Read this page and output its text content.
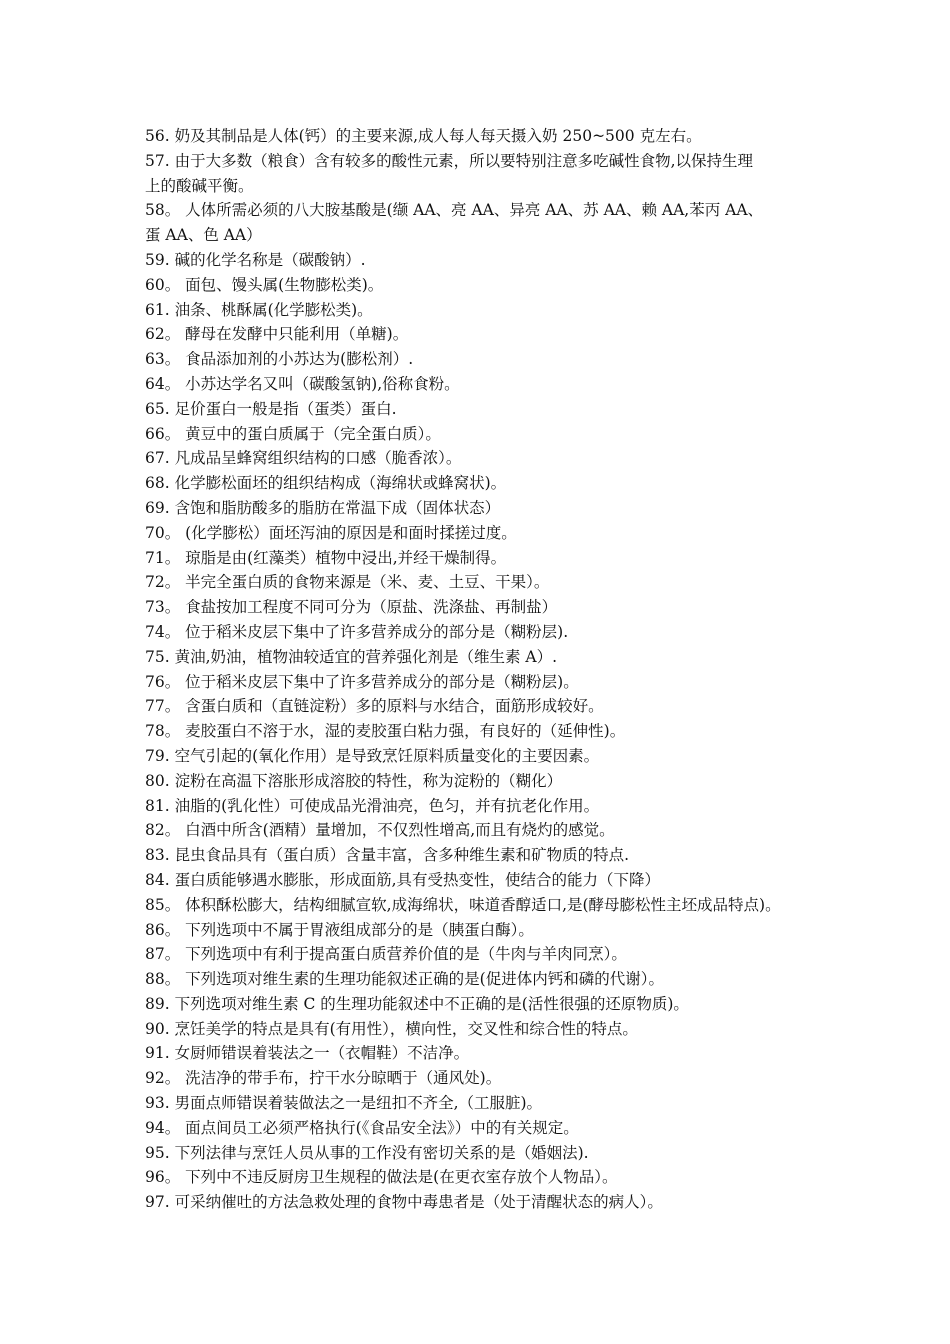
56. 奶及其制品是人体(钙）的主要来源,成人每人每天摄入奶 250~500 克左右。
57. 由于大多数（粮食）含有较多的酸性元素，所以要特别注意多吃碱性食物,以保持生理
上的酸碱平衡。
58。 人体所需必须的八大胺基酸是(缬 AA、亮 AA、异亮 AA、苏 AA、赖 AA,苯丙 AA、
蛋 AA、色 AA）
59. 碱的化学名称是（碳酸钠）.
60。 面包、馒头属(生物膨松类)。
61. 油条、桃酥属(化学膨松类)。
62。 酵母在发酵中只能利用（单糖)。
63。 食品添加剂的小苏达为(膨松剂）.
64。 小苏达学名又叫（碳酸氢钠),俗称食粉。
65. 足价蛋白一般是指（蛋类）蛋白.
66。 黄豆中的蛋白质属于（完全蛋白质）。
67. 凡成品呈蜂窝组织结构的口感（脆香浓）。
68. 化学膨松面坯的组织结构成（海绵状或蜂窝状)。
69. 含饱和脂肪酸多的脂肪在常温下成（固体状态）
70。 (化学膨松）面坯泻油的原因是和面时揉搓过度。
71。 琼脂是由(红藻类）植物中浸出,并经干燥制得。
72。 半完全蛋白质的食物来源是（米、麦、土豆、干果）。
73。 食盐按加工程度不同可分为（原盐、洗涤盐、再制盐）
74。 位于稻米皮层下集中了许多营养成分的部分是（糊粉层).
75. 黄油,奶油，植物油较适宜的营养强化剂是（维生素 A）.
76。 位于稻米皮层下集中了许多营养成分的部分是（糊粉层)。
77。 含蛋白质和（直链淀粉）多的原料与水结合，面筋形成较好。
78。 麦胶蛋白不溶于水，湿的麦胶蛋白粘力强，有良好的（延伸性)。
79. 空气引起的(氧化作用）是导致烹饪原料质量变化的主要因素。
80. 淀粉在高温下溶胀形成溶胶的特性，称为淀粉的（糊化）
81. 油脂的(乳化性）可使成品光滑油亮，色匀，并有抗老化作用。
82。 白酒中所含(酒精）量增加，不仅烈性增高,而且有烧灼的感觉。
83. 昆虫食品具有（蛋白质）含量丰富，含多种维生素和矿物质的特点.
84. 蛋白质能够遇水膨胀，形成面筋,具有受热变性，使结合的能力（下降）
85。 体积酥松膨大，结构细腻宣软,成海绵状，味道香醇适口,是(酵母膨松性主坯成品特点)。
86。 下列选项中不属于胃液组成部分的是（胰蛋白酶）。
87。 下列选项中有利于提高蛋白质营养价值的是（牛肉与羊肉同烹）。
88。 下列选项对维生素的生理功能叙述正确的是(促进体内钙和磷的代谢）。
89. 下列选项对维生素 C 的生理功能叙述中不正确的是(活性很强的还原物质)。
90. 烹饪美学的特点是具有(有用性），横向性，交叉性和综合性的特点。
91. 女厨师错误着装法之一（衣帽鞋）不洁净。
92。 洗洁净的带手布，拧干水分晾晒于（通风处)。
93. 男面点师错误着装做法之一是纽扣不齐全,（工服脏)。
94。 面点间员工必须严格执行(《食品安全法》）中的有关规定。
95. 下列法律与烹饪人员从事的工作没有密切关系的是（婚姻法).
96。 下列中不违反厨房卫生规程的做法是(在更衣室存放个人物品）。
97. 可采纳催吐的方法急救处理的食物中毒患者是（处于清醒状态的病人）。
